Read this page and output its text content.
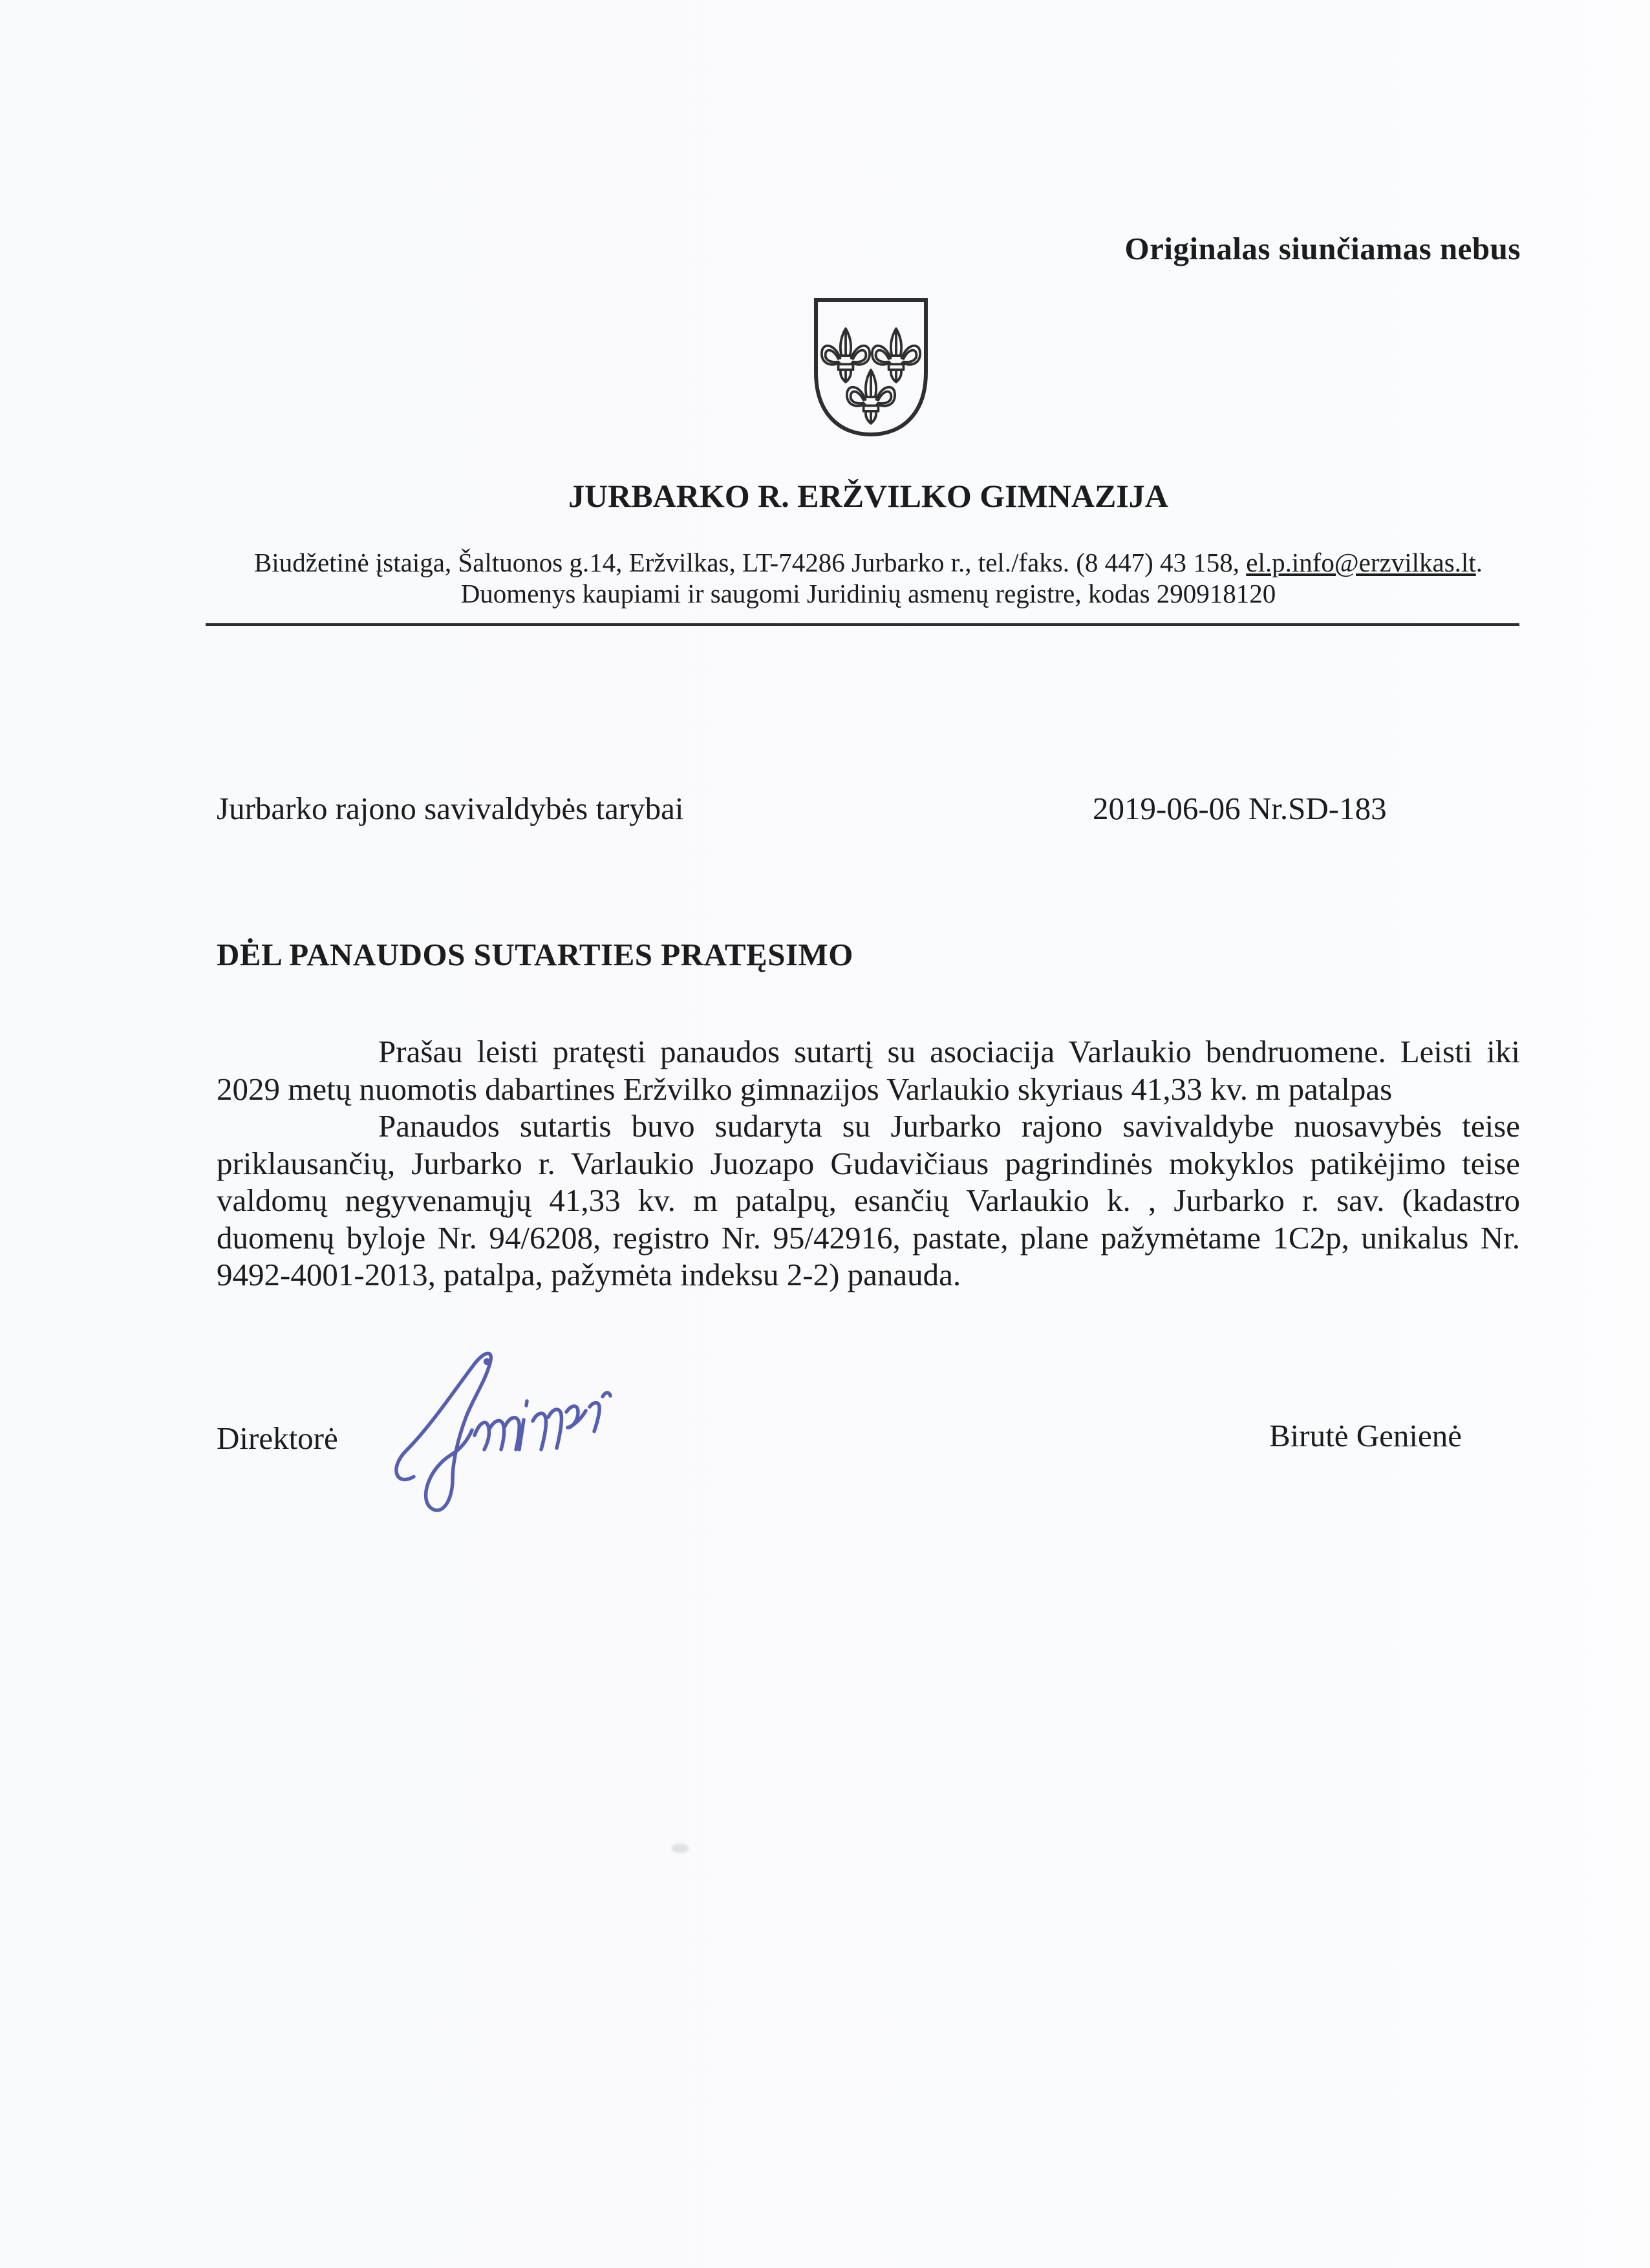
Originalas siunčiamas nebus
JURBARKO R. ERŽVILKO GIMNAZIJA
Biudžetinė įstaiga, Šaltuonos g.14, Eržvilkas, LT-74286 Jurbarko r., tel./faks. (8 447) 43 158, el.p.info@erzvilkas.lt. Duomenys kaupiami ir saugomi Juridinių asmenų registre, kodas 290918120
Jurbarko rajono savivaldybės tarybai	2019-06-06 Nr.SD-183
DĖL PANAUDOS SUTARTIES PRATĘSIMO
Prašau leisti pratęsti panaudos sutartį su asociacija Varlaukio bendruomene. Leisti iki
2029 metų nuomotis dabartines Eržvilko gimnazijos Varlaukio skyriaus 41,33 kv. m patalpas
Panaudos sutartis buvo sudaryta su Jurbarko rajono savivaldybe nuosavybės teise
priklausančių, Jurbarko r. Varlaukio Juozapo Gudavičiaus pagrindinės mokyklos patikėjimo teise
valdomų negyvenamųjų 41,33 kv. m patalpų, esančių Varlaukio k. , Jurbarko r. sav. (kadastro
duomenų byloje Nr. 94/6208, registro Nr. 95/42916, pastate, plane pažymėtame 1C2p, unikalus Nr.
9492-4001-2013, patalpa, pažymėta indeksu 2-2) panauda.
Direktorė	Birutė Genienė
